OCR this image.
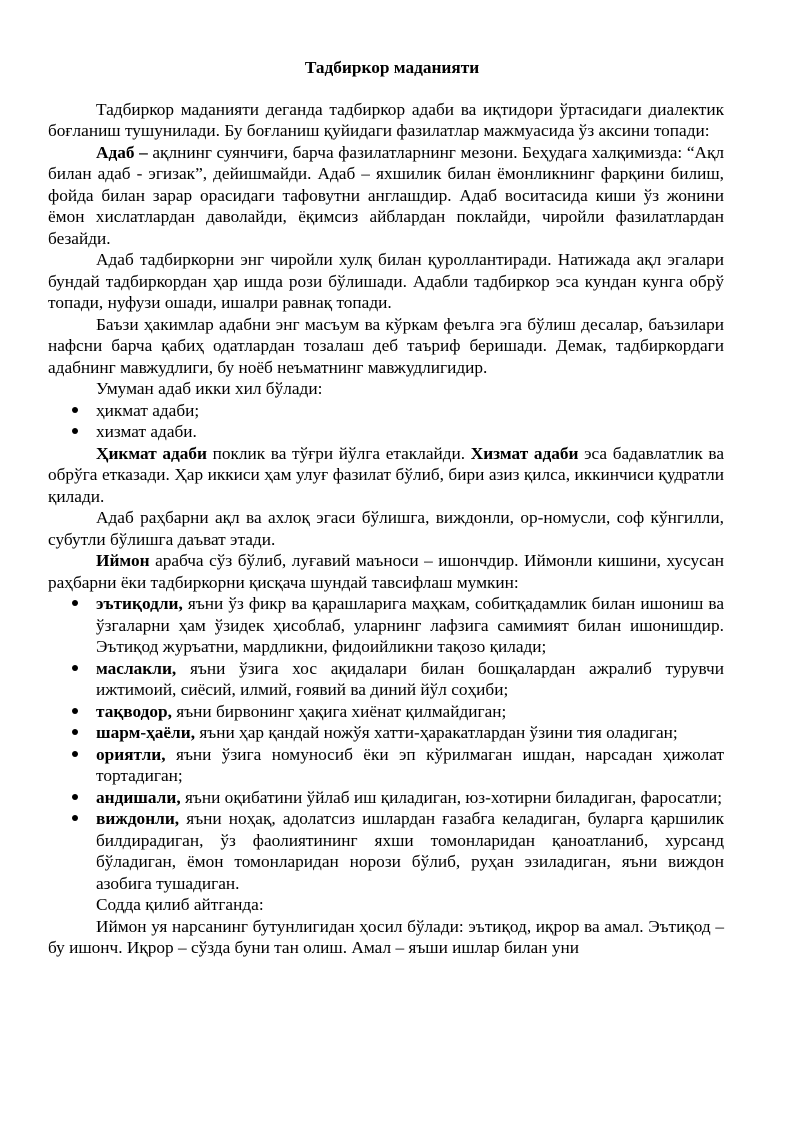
Тадбиркор маданияти

Тадбиркор маданияти деганда тадбиркор адаби ва иқтидори ўртасидаги диалектик боғланиш тушунилади. Бу боғланиш қуйидаги фазилатлар мажмуасида ўз аксини топади:

Адаб – ақлнинг суянчиғи, барча фазилатларнинг мезони. Беҳудага халқимизда: “Ақл билан адаб - эгизак”, дейишмайди. Адаб – яхшилик билан ёмонликнинг фарқини билиш, фойда билан зарар орасидаги тафовутни англашдир. Адаб воситасида киши ўз жонини ёмон хислатлардан даволайди, ёқимсиз айблардан поклайди, чиройли фазилатлардан безайди.

Адаб тадбиркорни энг чиройли хулқ билан қуроллантиради. Натижада ақл эгалари бундай тадбиркордан ҳар ишда рози бўлишади. Адабли тадбиркор эса кундан кунга обрў топади, нуфузи ошади, ишалри равнақ топади.

Баъзи ҳакимлар адабни энг масъум ва кўркам феълга эга бўлиш десалар, баъзилари нафсни барча қабиҳ одатлардан тозалаш деб таъриф беришади. Демак, тадбиркордаги адабнинг мавжудлиги, бу ноёб неъматнинг мавжудлигидир.

Умуман адаб икки хил бўлади:

ҳикмат адаби;
хизмат адаби.

Ҳикмат адаби поклик ва тўғри йўлга етаклайди. Хизмат адаби эса бадавлатлик ва обрўга етказади. Ҳар иккиси ҳам улуғ фазилат бўлиб, бири азиз қилса, иккинчиси қудратли қилади.

Адаб раҳбарни ақл ва ахлоқ эгаси бўлишга, виждонли, ор-номусли, соф кўнгилли, субутли бўлишга даъват этади.

Иймон арабча сўз бўлиб, луғавий маъноси – ишончдир. Иймонли кишини, хусусан раҳбарни ёки тадбиркорни қисқача шундай тавсифлаш мумкин:

эътиқодли, яъни ўз фикр ва қарашларига маҳкам, собитқадамлик билан ишониш ва ўзгаларни ҳам ўзидек ҳисоблаб, уларнинг лафзига самимият билан ишонишдир. Эътиқод журъатни, мардликни, фидоийликни тақозо қилади;
маслакли, яъни ўзига хос ақидалари билан бошқалардан ажралиб турувчи ижтимоий, сиёсий, илмий, ғоявий ва диний йўл соҳиби;
тақводор, яъни бирвонинг ҳақига хиёнат қилмайдиган;
шарм-ҳаёли, яъни ҳар қандай ножўя хатти-ҳаракатлардан ўзини тия оладиган;
ориятли, яъни ўзига номуносиб ёки эп кўрилмаган ишдан, нарсадан ҳижолат тортадиган;
андишали, яъни оқибатини ўйлаб иш қиладиган, юз-хотирни биладиган, фаросатли;
виждонли, яъни ноҳақ, адолатсиз ишлардан ғазабга келадиган, буларга қаршилик билдирадиган, ўз фаолиятининг яхши томонларидан қаноатланиб, хурсанд бўладиган, ёмон томонларидан норози бўлиб, руҳан эзиладиган, яъни виждон азобига тушадиган.

Содда қилиб айтганда:

Иймон уя нарсанинг бутунлигидан ҳосил бўлади: эътиқод, иқрор ва амал. Эътиқод – бу ишонч. Иқрор – сўзда буни тан олиш. Амал – яъши ишлар билан уни
